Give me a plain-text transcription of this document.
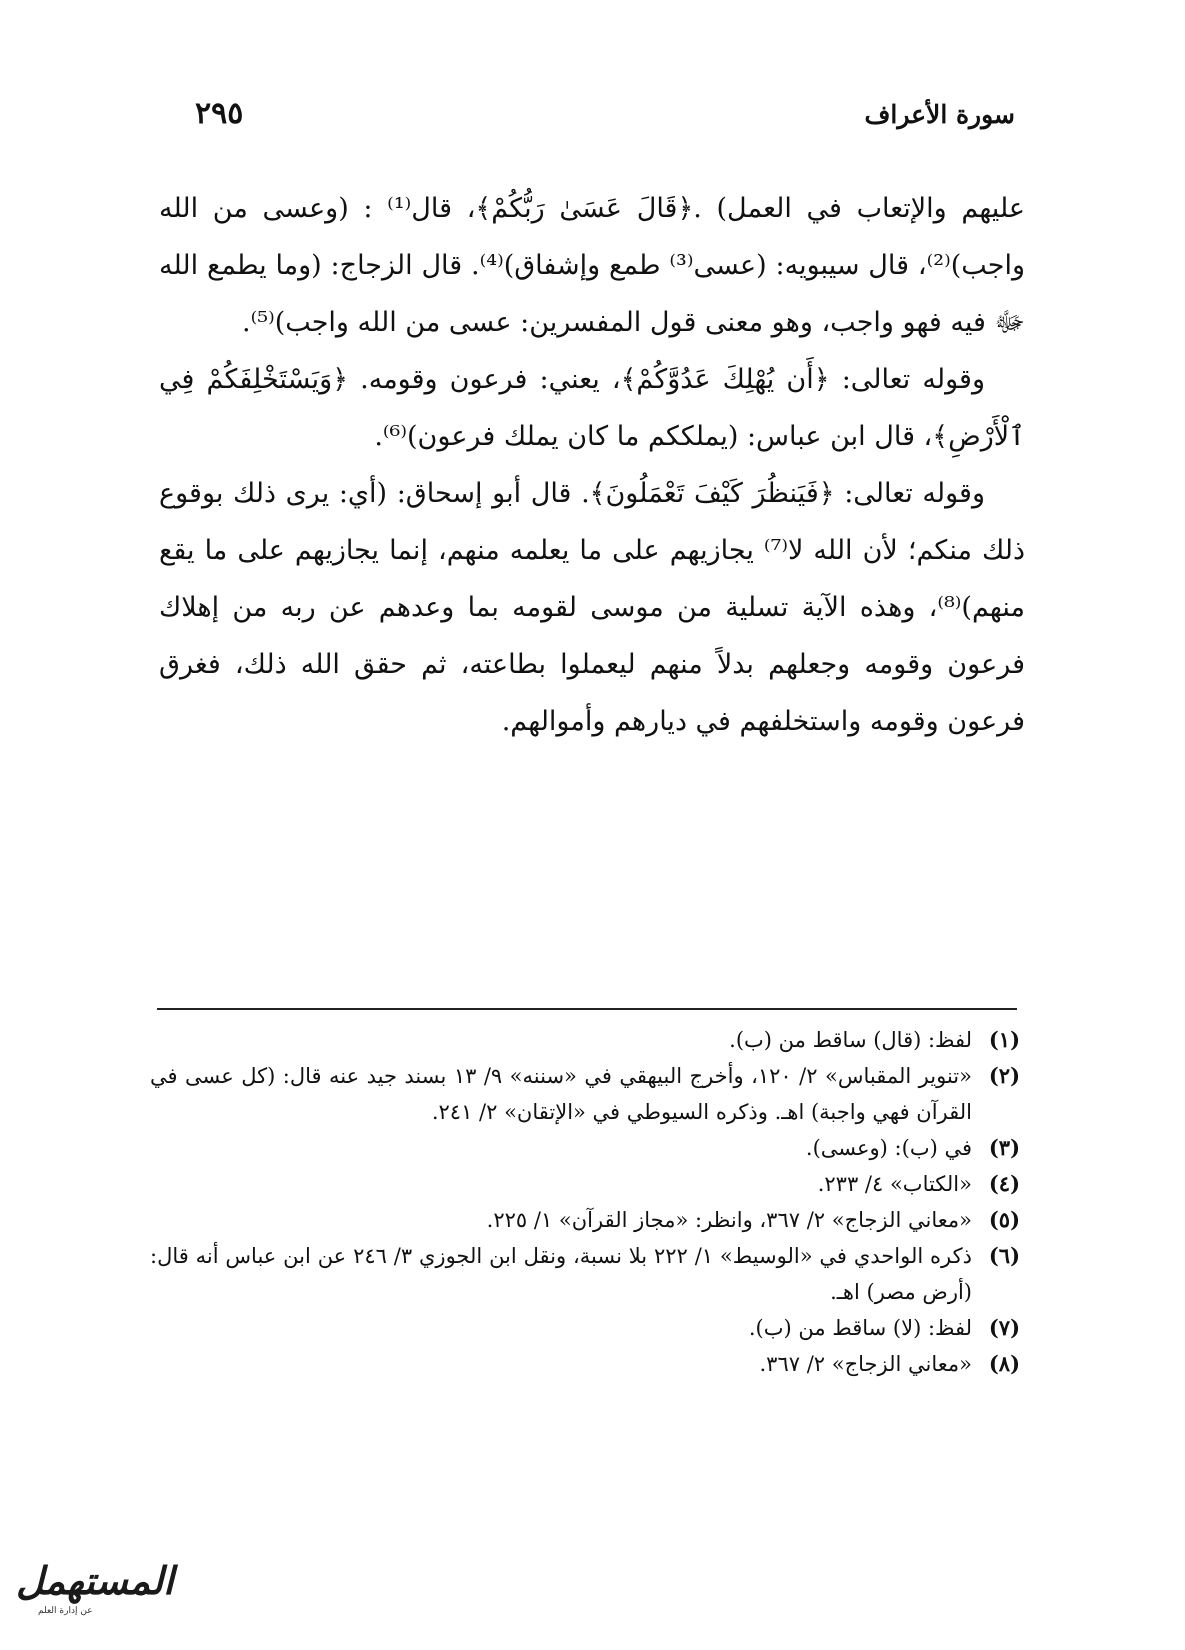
سورة الأعراف
٢٩٥

عليهم والإتعاب في العمل) .﴿قَالَ عَسَىٰ رَبُّكُمْ﴾، قال⁽¹⁾ : (وعسى من الله واجب)⁽²⁾، قال سيبويه: (عسى⁽³⁾ طمع وإشفاق)⁽⁴⁾. قال الزجاج: (وما يطمع الله ﷻ فيه فهو واجب، وهو معنى قول المفسرين: عسى من الله واجب)⁽⁵⁾.

وقوله تعالى: ﴿أَن يُهْلِكَ عَدُوَّكُمْ﴾، يعني: فرعون وقومه. ﴿وَيَسْتَخْلِفَكُمْ فِي ٱلْأَرْضِ﴾، قال ابن عباس: (يملككم ما كان يملك فرعون)⁽⁶⁾.

وقوله تعالى: ﴿فَيَنظُرَ كَيْفَ تَعْمَلُونَ﴾. قال أبو إسحاق: (أي: يرى ذلك بوقوع ذلك منكم؛ لأن الله لا⁽⁷⁾ يجازيهم على ما يعلمه منهم، إنما يجازيهم على ما يقع منهم)⁽⁸⁾، وهذه الآية تسلية من موسى لقومه بما وعدهم عن ربه من إهلاك فرعون وقومه وجعلهم بدلاً منهم ليعملوا بطاعته، ثم حقق الله ذلك، فغرق فرعون وقومه واستخلفهم في ديارهم وأموالهم.

(١)
لفظ: (قال) ساقط من (ب).
(٢)
«تنوير المقباس» ٢/ ١٢٠، وأخرج البيهقي في «سننه» ٩/ ١٣ بسند جيد عنه قال: (كل عسى في القرآن فهي واجبة) اهـ. وذكره السيوطي في «الإتقان» ٢/ ٢٤١.
(٣)
في (ب): (وعسى).
(٤)
«الكتاب» ٤/ ٢٣٣.
(٥)
«معاني الزجاج» ٢/ ٣٦٧، وانظر: «مجاز القرآن» ١/ ٢٢٥.
(٦)
ذكره الواحدي في «الوسيط» ١/ ٢٢٢ بلا نسبة، ونقل ابن الجوزي ٣/ ٢٤٦ عن ابن عباس أنه قال: (أرض مصر) اهـ.
(٧)
لفظ: (لا) ساقط من (ب).
(٨)
«معاني الزجاج» ٢/ ٣٦٧.
المستهمل
عن إدارة العلم
